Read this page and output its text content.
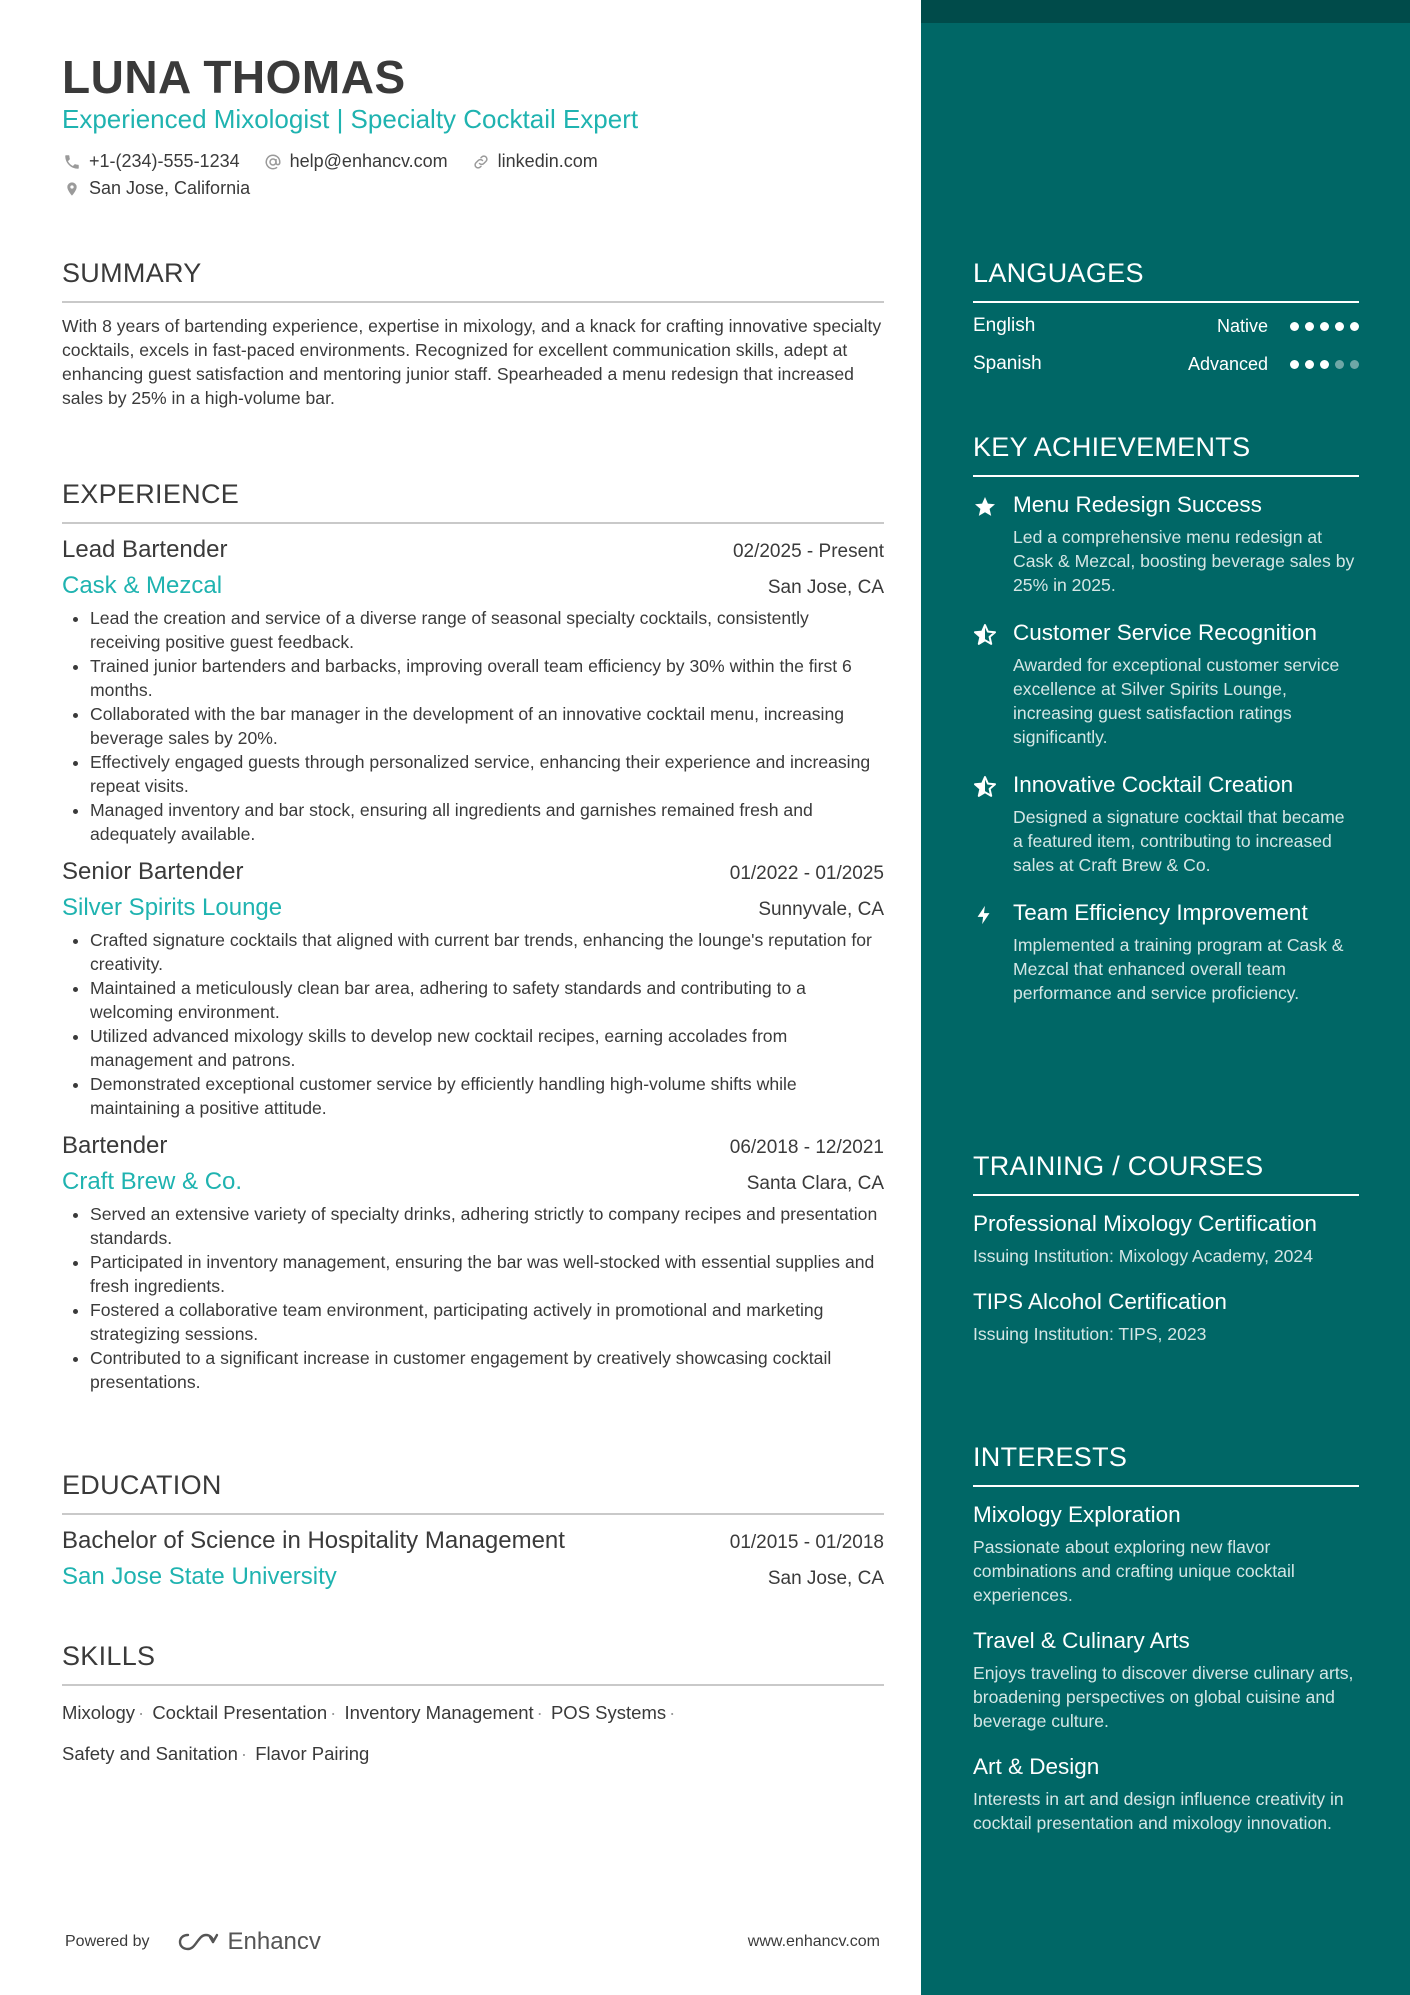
LUNA THOMAS
Experienced Mixologist | Specialty Cocktail Expert
+1-(234)-555-1234
	help@enhancv.com
	linkedin.com
San Jose, California
SUMMARY
With 8 years of bartending experience, expertise in mixology, and a knack for crafting innovative specialty cocktails, excels in fast-paced environments. Recognized for excellent communication skills, adept at enhancing guest satisfaction and mentoring junior staff. Spearheaded a menu redesign that increased sales by 25% in a high-volume bar.
EXPERIENCE
Lead Bartender	02/2025 - Present
Cask & Mezcal	San Jose, CA
• Lead the creation and service of a diverse range of seasonal specialty cocktails, consistently receiving positive guest feedback.
• Trained junior bartenders and barbacks, improving overall team efficiency by 30% within the first 6 months.
• Collaborated with the bar manager in the development of an innovative cocktail menu, increasing beverage sales by 20%.
• Effectively engaged guests through personalized service, enhancing their experience and increasing repeat visits.
• Managed inventory and bar stock, ensuring all ingredients and garnishes remained fresh and adequately available.
Senior Bartender	01/2022 - 01/2025
Silver Spirits Lounge	Sunnyvale, CA
• Crafted signature cocktails that aligned with current bar trends, enhancing the lounge's reputation for creativity.
• Maintained a meticulously clean bar area, adhering to safety standards and contributing to a welcoming environment.
• Utilized advanced mixology skills to develop new cocktail recipes, earning accolades from management and patrons.
• Demonstrated exceptional customer service by efficiently handling high-volume shifts while maintaining a positive attitude.
Bartender	06/2018 - 12/2021
Craft Brew & Co.	Santa Clara, CA
• Served an extensive variety of specialty drinks, adhering strictly to company recipes and presentation standards.
• Participated in inventory management, ensuring the bar was well-stocked with essential supplies and fresh ingredients.
• Fostered a collaborative team environment, participating actively in promotional and marketing strategizing sessions.
• Contributed to a significant increase in customer engagement by creatively showcasing cocktail presentations.
EDUCATION
Bachelor of Science in Hospitality Management	01/2015 - 01/2018
San Jose State University	San Jose, CA
SKILLS
Mixology · Cocktail Presentation · Inventory Management · POS Systems ·
Safety and Sanitation · Flavor Pairing
Powered by	Enhancv	www.enhancv.com
LANGUAGES
English	Native
Spanish	Advanced
KEY ACHIEVEMENTS
Menu Redesign Success
Led a comprehensive menu redesign at Cask & Mezcal, boosting beverage sales by 25% in 2025.
Customer Service Recognition
Awarded for exceptional customer service excellence at Silver Spirits Lounge, increasing guest satisfaction ratings significantly.
Innovative Cocktail Creation
Designed a signature cocktail that became a featured item, contributing to increased sales at Craft Brew & Co.
Team Efficiency Improvement
Implemented a training program at Cask & Mezcal that enhanced overall team performance and service proficiency.
TRAINING / COURSES
Professional Mixology Certification
Issuing Institution: Mixology Academy, 2024
TIPS Alcohol Certification
Issuing Institution: TIPS, 2023
INTERESTS
Mixology Exploration
Passionate about exploring new flavor combinations and crafting unique cocktail experiences.
Travel & Culinary Arts
Enjoys traveling to discover diverse culinary arts, broadening perspectives on global cuisine and beverage culture.
Art & Design
Interests in art and design influence creativity in cocktail presentation and mixology innovation.
